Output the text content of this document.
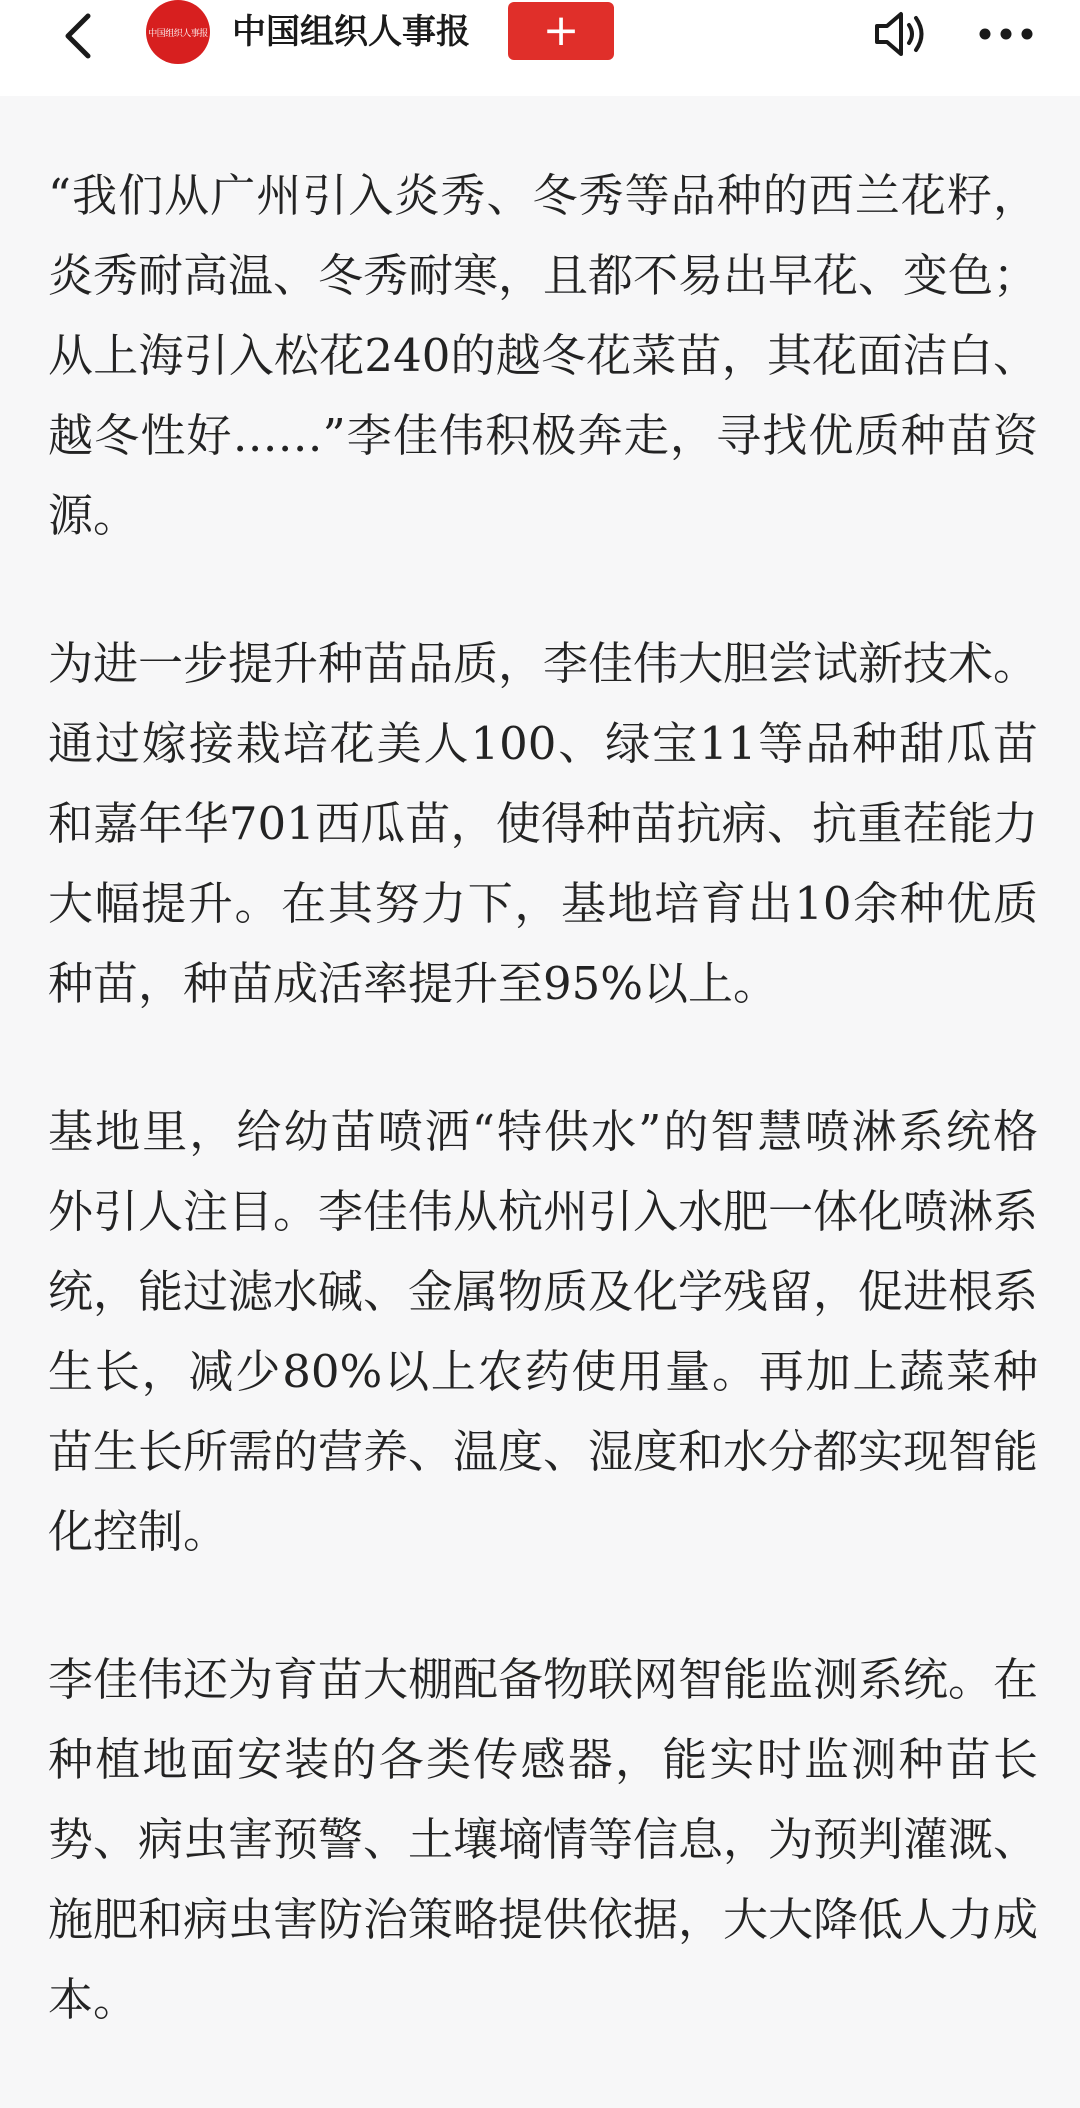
中国组织人事报 中国组织人事报	+

“我们从广州引入炎秀、冬秀等品种的西兰花籽，炎秀耐高温、冬秀耐寒，且都不易出早花、变色；从上海引入松花240的越冬花菜苗，其花面洁白、越冬性好……”李佳伟积极奔走，寻找优质种苗资源。

为进一步提升种苗品质，李佳伟大胆尝试新技术。通过嫁接栽培花美人100、绿宝11等品种甜瓜苗和嘉年华701西瓜苗，使得种苗抗病、抗重茬能力大幅提升。在其努力下，基地培育出10余种优质种苗，种苗成活率提升至95%以上。

基地里，给幼苗喷洒“特供水”的智慧喷淋系统格外引人注目。李佳伟从杭州引入水肥一体化喷淋系统，能过滤水碱、金属物质及化学残留，促进根系生长，减少80%以上农药使用量。再加上蔬菜种苗生长所需的营养、温度、湿度和水分都实现智能化控制。

李佳伟还为育苗大棚配备物联网智能监测系统。在种植地面安装的各类传感器，能实时监测种苗长势、病虫害预警、土壤墒情等信息，为预判灌溉、施肥和病虫害防治策略提供依据，大大降低人力成本。
